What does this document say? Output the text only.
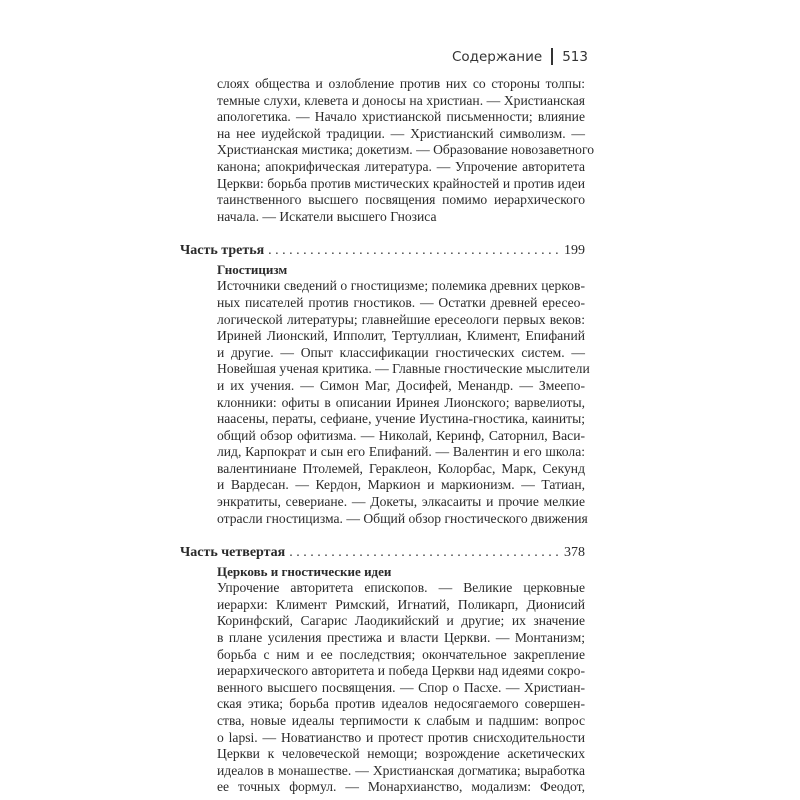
Содержание 513
слоях общества и озлобление против них со стороны толпы:
темные слухи, клевета и доносы на христиан. — Христианская
апологетика. — Начало христианской письменности; влияние
на нее иудейской традиции. — Христианский символизм. —
Христианская мистика; докетизм. — Образование новозаветного
канона; апокрифическая литература. — Упрочение авторитета
Церкви: борьба против мистических крайностей и против идеи
таинственного высшего посвящения помимо иерархического
начала. — Искатели высшего Гнозиса
Часть третья . . .	199
Гностицизм
Источники сведений о гностицизме; полемика древних церков-
ных писателей против гностиков. — Остатки древней ересео-
логической литературы; главнейшие ересеологи первых веков:
Ириней Лионский, Ипполит, Тертуллиан, Климент, Епифаний
и другие. — Опыт классификации гностических систем. —
Новейшая ученая критика. — Главные гностические мыслители
и их учения. — Симон Маг, Досифей, Менандр. — Змеепо-
клонники: офиты в описании Иринея Лионского; варвелиоты,
наасены, ператы, сефиане, учение Иустина-гностика, каиниты;
общий обзор офитизма. — Николай, Керинф, Саторнил, Васи-
лид, Карпократ и сын его Епифаний. — Валентин и его школа:
валентиниане Птолемей, Гераклеон, Колорбас, Марк, Секунд
и Вардесан. — Кердон, Маркион и маркионизм. — Татиан,
энкратиты, севериане. — Докеты, элкасаиты и прочие мелкие
отрасли гностицизма. — Общий обзор гностического движения
Часть четвертая . . .	378
Церковь и гностические идеи
Упрочение авторитета епископов. — Великие церковные
иерархи: Климент Римский, Игнатий, Поликарп, Дионисий
Коринфский, Сагарис Лаодикийский и другие; их значение
в плане усиления престижа и власти Церкви. — Монтанизм;
борьба с ним и ее последствия; окончательное закрепление
иерархического авторитета и победа Церкви над идеями сокро-
венного высшего посвящения. — Спор о Пасхе. — Христиан-
ская этика; борьба против идеалов недосягаемого совершен-
ства, новые идеалы терпимости к слабым и падшим: вопрос
о lapsi. — Новатианство и протест против снисходительности
Церкви к человеческой немощи; возрождение аскетических
идеалов в монашестве. — Христианская догматика; выработка
ее точных формул. — Монархианство, модализм: Феодот,
